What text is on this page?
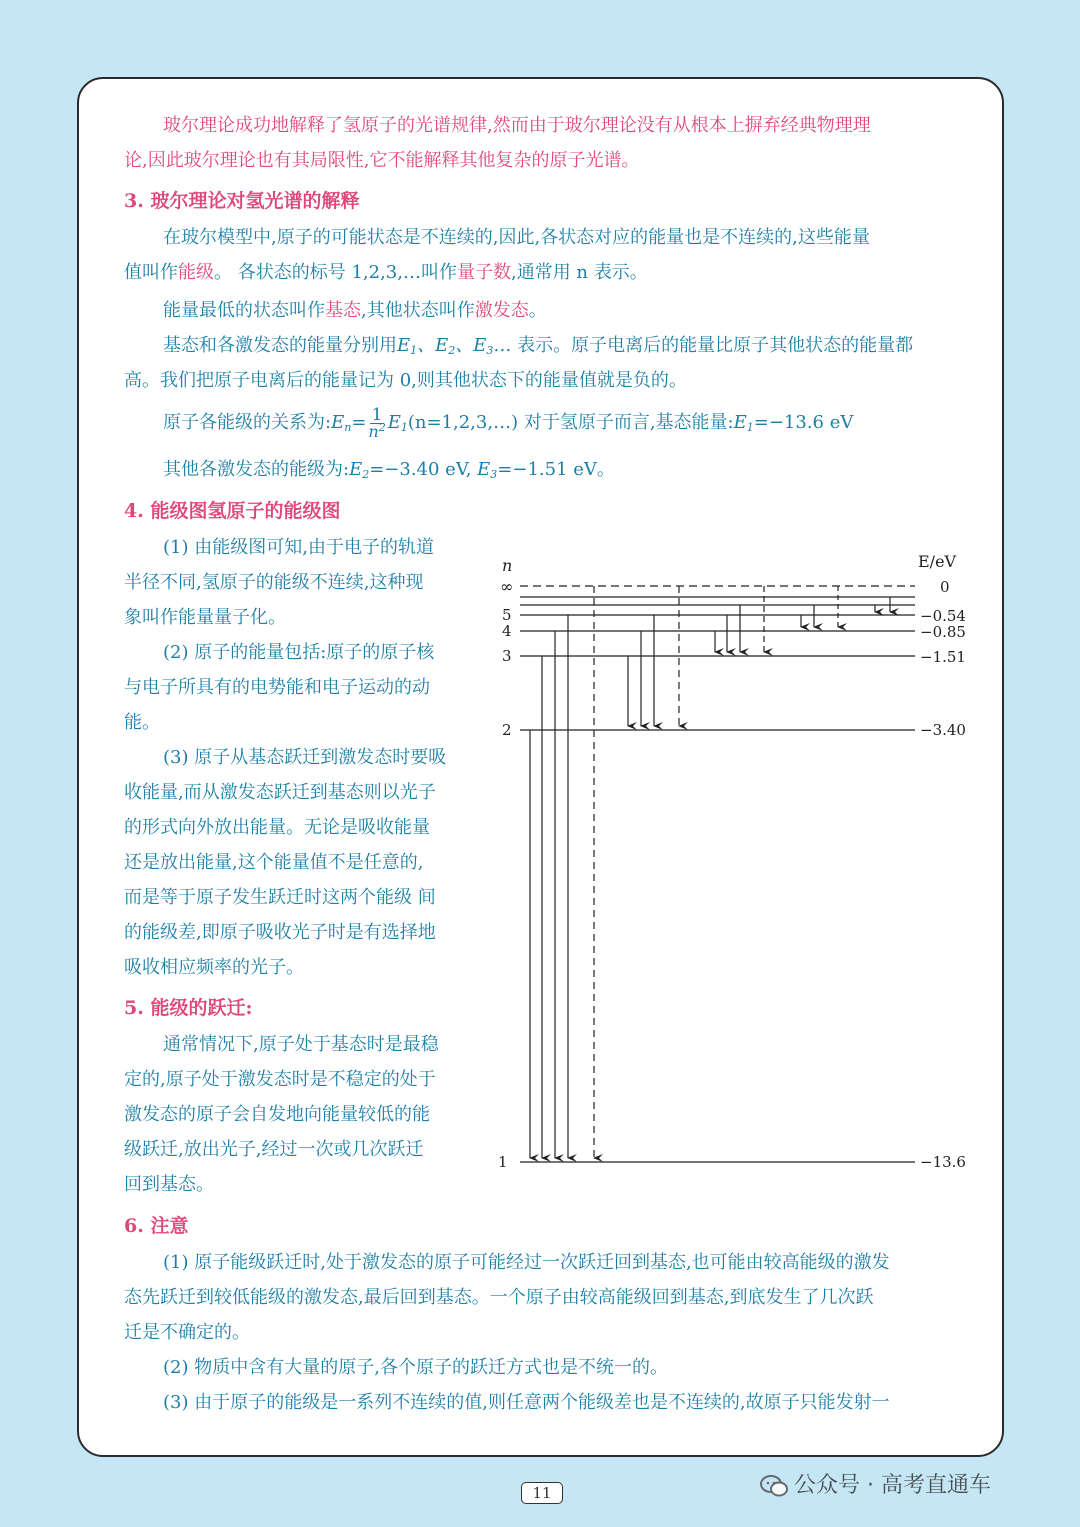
玻尔理论成功地解释了氢原子的光谱规律,然而由于玻尔理论没有从根本上摒弃经典物理理
论,因此玻尔理论也有其局限性,它不能解释其他复杂的原子光谱。
3. 玻尔理论对氢光谱的解释
在玻尔模型中,原子的可能状态是不连续的,因此,各状态对应的能量也是不连续的,这些能量
值叫作能级。 各状态的标号 1,2,3,…叫作量子数,通常用 n 表示。
能量最低的状态叫作基态,其他状态叫作激发态。
基态和各激发态的能量分别用$E_1$、$E_2$、$E_3\dots$ 表示。原子电离后的能量比原子其他状态的能量都
高。我们把原子电离后的能量记为 0,则其他状态下的能量值就是负的。
原子各能级的关系为$:E_n= \frac{1}{n^2}$ $E_1(n=1,2,3,\dots)$ 对于氢原子而言,基态能量$:E_1=-13.6$ eV
其他各激发态的能级为$:E_2=-3.40$ eV, $E_3=-1.51$ eV。
4. 能级图氢原子的能级图
(1) 由能级图可知,由于电子的轨道
半径不同,氢原子的能级不连续,这种现
象叫作能量量子化。
(2) 原子的能量包括:原子的原子核
与电子所具有的电势能和电子运动的动
能。
(3) 原子从基态跃迁到激发态时要吸
收能量,而从激发态跃迁到基态则以光子
的形式向外放出能量。无论是吸收能量
还是放出能量,这个能量值不是任意的,
而是等于原子发生跃迁时这两个能级 间
的能级差,即原子吸收光子时是有选择地
吸收相应频率的光子。
5. 能级的跃迁:
通常情况下,原子处于基态时是最稳
定的,原子处于激发态时是不稳定的处于
激发态的原子会自发地向能量较低的能
级跃迁,放出光子,经过一次或几次跃迁
回到基态。
6. 注意
(1) 原子能级跃迁时,处于激发态的原子可能经过一次跃迁回到基态,也可能由较高能级的激发
态先跃迁到较低能级的激发态,最后回到基态。一个原子由较高能级回到基态,到底发生了几次跃
迁是不确定的。
(2) 物质中含有大量的原子,各个原子的跃迁方式也是不统一的。
(3) 由于原子的能级是一系列不连续的值,则任意两个能级差也是不连续的,故原子只能发射一
n	E/eV
∞
5
4
3
2
1
0
−0.54
−0.85
−1.51
−3.40
−13.6
11	公众号 · 高考直通车
